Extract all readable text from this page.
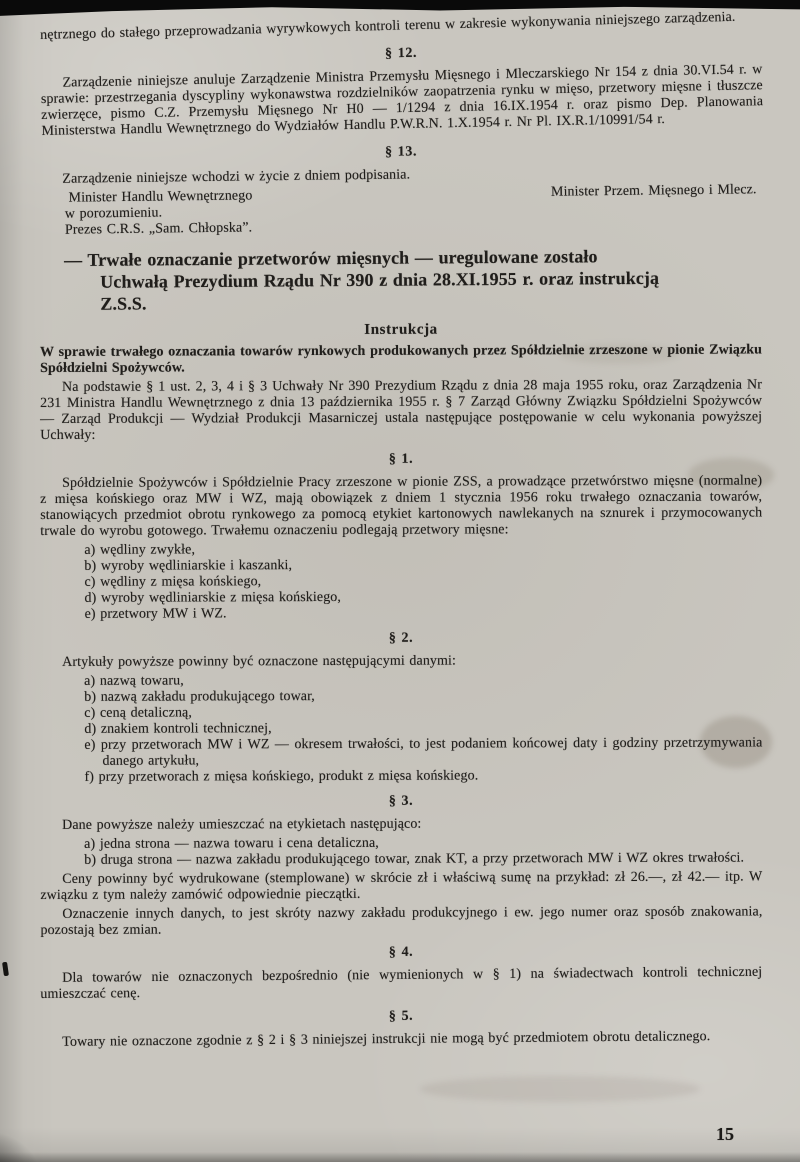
nętrznego do stałego przeprowadzania wyrywkowych kontroli terenu w zakresie wykonywania niniejszego zarządzenia.

§ 12.

Zarządzenie niniejsze anuluje Zarządzenie Ministra Przemysłu Mięsnego i Mleczarskiego Nr 154 z dnia 30.VI.54 r. w sprawie: przestrzegania dyscypliny wykonawstwa rozdzielników zaopatrzenia rynku w mięso, przetwory mięsne i tłuszcze zwierzęce, pismo C.Z. Przemysłu Mięsnego Nr H0 — 1/1294 z dnia 16.IX.1954 r. oraz pismo Dep. Planowania Ministerstwa Handlu Wewnętrznego do Wydziałów Handlu P.W.R.N. 1.X.1954 r. Nr Pl. IX.R.1/10991/54 r.

§ 13.

Zarządzenie niniejsze wchodzi w życie z dniem podpisania.

Minister Handlu Wewnętrznego	Minister Przem. Mięsnego i Mlecz.

w porozumieniu.

Prezes C.R.S. „Sam. Chłopska”.

— Trwałe oznaczanie przetworów mięsnych — uregulowane zostało Uchwałą Prezydium Rządu Nr 390 z dnia 28.XI.1955 r. oraz instrukcją Z.S.S.

Instrukcja

W sprawie trwałego oznaczania towarów rynkowych produkowanych przez Spółdzielnie zrzeszone w pionie Związku Spółdzielni Spożywców.

Na podstawie § 1 ust. 2, 3, 4 i § 3 Uchwały Nr 390 Prezydium Rządu z dnia 28 maja 1955 roku, oraz Zarządzenia Nr 231 Ministra Handlu Wewnętrznego z dnia 13 października 1955 r. § 7 Zarząd Główny Związku Spółdzielni Spożywców — Zarząd Produkcji — Wydział Produkcji Masarniczej ustala następujące postępowanie w celu wykonania powyższej Uchwały:

§ 1.

Spółdzielnie Spożywców i Spółdzielnie Pracy zrzeszone w pionie ZSS, a prowadzące przetwórstwo mięsne (normalne) z mięsa końskiego oraz MW i WZ, mają obowiązek z dniem 1 stycznia 1956 roku trwałego oznaczania towarów, stanowiących przedmiot obrotu rynkowego za pomocą etykiet kartonowych nawlekanych na sznurek i przymocowanych trwale do wyrobu gotowego. Trwałemu oznaczeniu podlegają przetwory mięsne:

a) wędliny zwykłe,
b) wyroby wędliniarskie i kaszanki,
c) wędliny z mięsa końskiego,
d) wyroby wędliniarskie z mięsa końskiego,
e) przetwory MW i WZ.
§ 2.

Artykuły powyższe powinny być oznaczone następującymi danymi:

a) nazwą towaru,
b) nazwą zakładu produkującego towar,
c) ceną detaliczną,
d) znakiem kontroli technicznej,
e) przy przetworach MW i WZ — okresem trwałości, to jest podaniem końcowej daty i godziny przetrzymywania danego artykułu,
f) przy przetworach z mięsa końskiego, produkt z mięsa końskiego.
§ 3.

Dane powyższe należy umieszczać na etykietach następująco:

a) jedna strona — nazwa towaru i cena detaliczna,
b) druga strona — nazwa zakładu produkującego towar, znak KT, a przy przetworach MW i WZ okres trwałości.

Ceny powinny być wydrukowane (stemplowane) w skrócie zł i właściwą sumę na przykład: zł 26.—, zł 42.— itp. W związku z tym należy zamówić odpowiednie pieczątki.

Oznaczenie innych danych, to jest skróty nazwy zakładu produkcyjnego i ew. jego numer oraz sposób znakowania, pozostają bez zmian.

§ 4.

Dla towarów nie oznaczonych bezpośrednio (nie wymienionych w § 1) na świadectwach kontroli technicznej umieszczać cenę.

§ 5.

Towary nie oznaczone zgodnie z § 2 i § 3 niniejszej instrukcji nie mogą być przedmiotem obrotu detalicznego.

15
